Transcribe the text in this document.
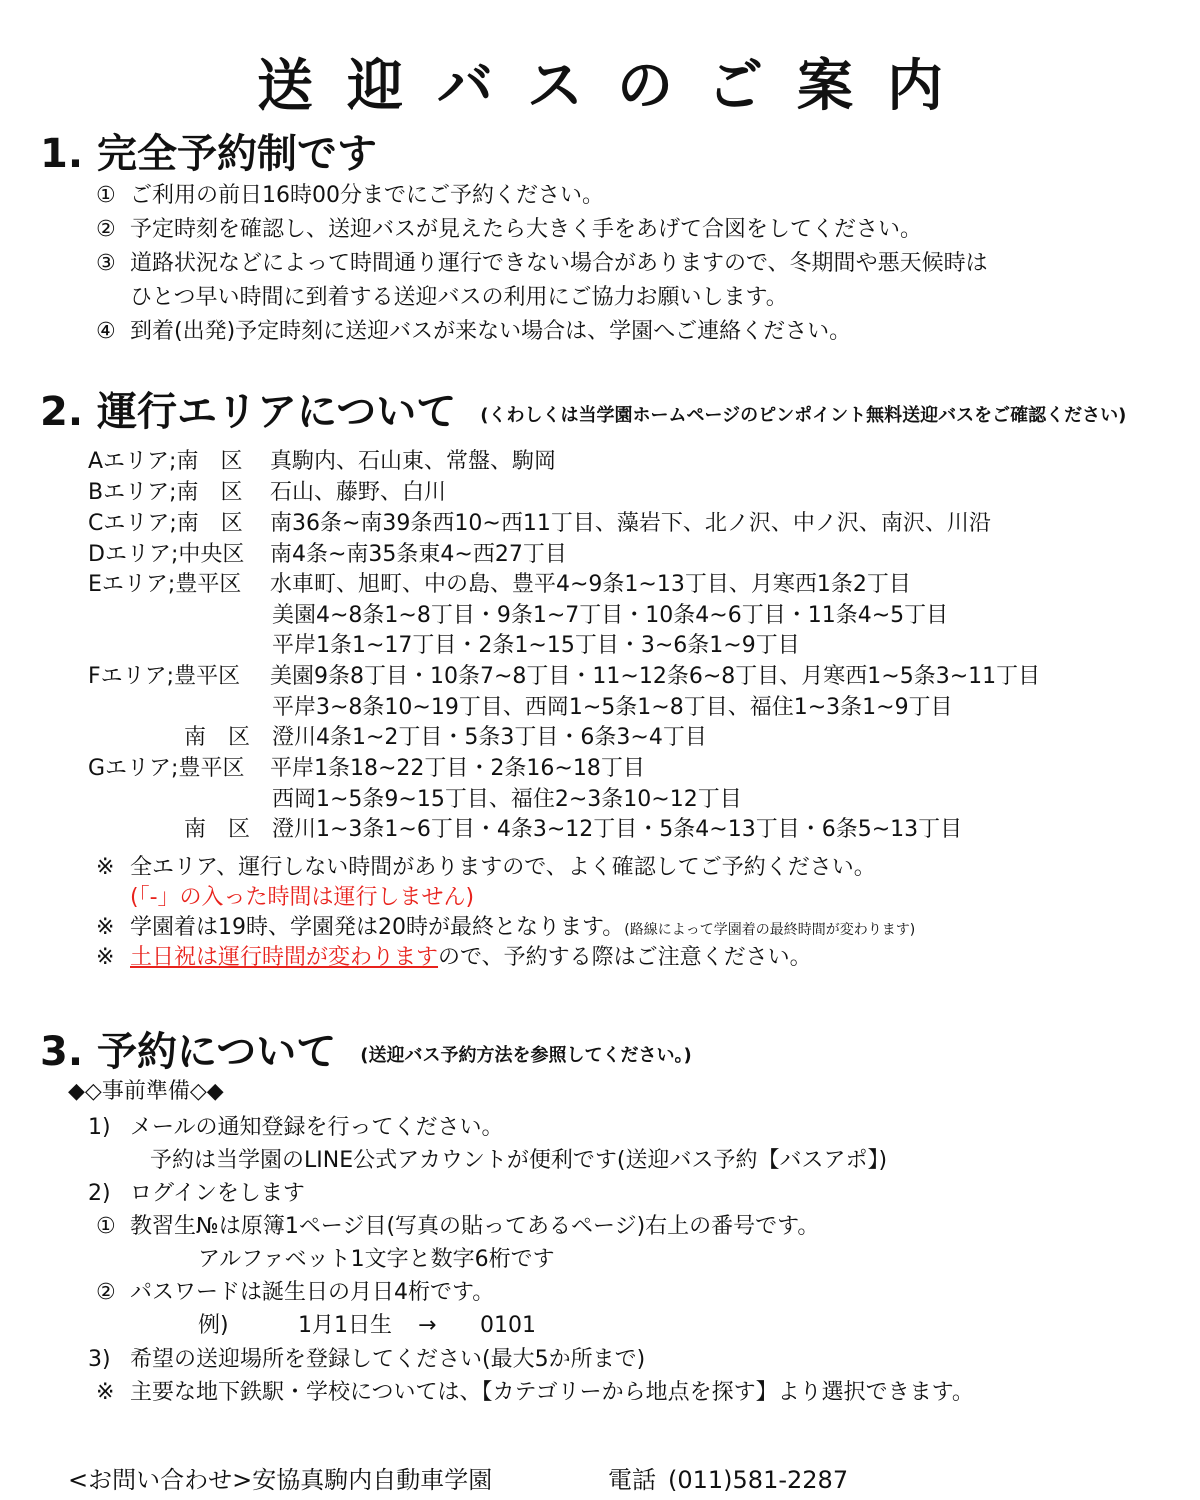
送迎バスのご案内
1. 完全予約制です
① ご利用の前日16時00分までにご予約ください。
② 予定時刻を確認し、送迎バスが見えたら大きく手をあげて合図をしてください。
③ 道路状況などによって時間通り運行できない場合がありますので、冬期間や悪天候時は
ひとつ早い時間に到着する送迎バスの利用にご協力お願いします。
④ 到着(出発)予定時刻に送迎バスが来ない場合は、学園へご連絡ください。
2. 運行エリアについて (くわしくは当学園ホームページのピンポイント無料送迎バスをご確認ください)
Aエリア;南　区 真駒内、石山東、常盤、駒岡
Bエリア;南　区 石山、藤野、白川
Cエリア;南　区 南36条~南39条西10~西11丁目、藻岩下、北ノ沢、中ノ沢、南沢、川沿
Dエリア;中央区 南4条~南35条東4~西27丁目
Eエリア;豊平区 水車町、旭町、中の島、豊平4~9条1~13丁目、月寒西1条2丁目
美園4~8条1~8丁目・9条1~7丁目・10条4~6丁目・11条4~5丁目
平岸1条1~17丁目・2条1~15丁目・3~6条1~9丁目
Fエリア;豊平区 美園9条8丁目・10条7~8丁目・11~12条6~8丁目、月寒西1~5条3~11丁目
平岸3~8条10~19丁目、西岡1~5条1~8丁目、福住1~3条1~9丁目
南　区 澄川4条1~2丁目・5条3丁目・6条3~4丁目
Gエリア;豊平区 平岸1条18~22丁目・2条16~18丁目
西岡1~5条9~15丁目、福住2~3条10~12丁目
南　区 澄川1~3条1~6丁目・4条3~12丁目・5条4~13丁目・6条5~13丁目
※ 全エリア、運行しない時間がありますので、よく確認してご予約ください。
(「-」の入った時間は運行しません)
※ 学園着は19時、学園発は20時が最終となります。(路線によって学園着の最終時間が変わります)
※ 土日祝は運行時間が変わりますので、予約する際はご注意ください。
3. 予約について (送迎バス予約方法を参照してください。)
◆◇事前準備◇◆
1) メールの通知登録を行ってください。
予約は当学園のLINE公式アカウントが便利です(送迎バス予約【バスアポ】)
2) ログインをします
① 教習生№は原簿1ページ目(写真の貼ってあるページ)右上の番号です。
アルファベット1文字と数字6桁です
② パスワードは誕生日の月日4桁です。
例)	1月1日生 → 0101
3) 希望の送迎場所を登録してください(最大5か所まで)
※ 主要な地下鉄駅・学校については、【カテゴリーから地点を探す】より選択できます。
<お問い合わせ>安協真駒内自動車学園	電話 (011)581-2287
